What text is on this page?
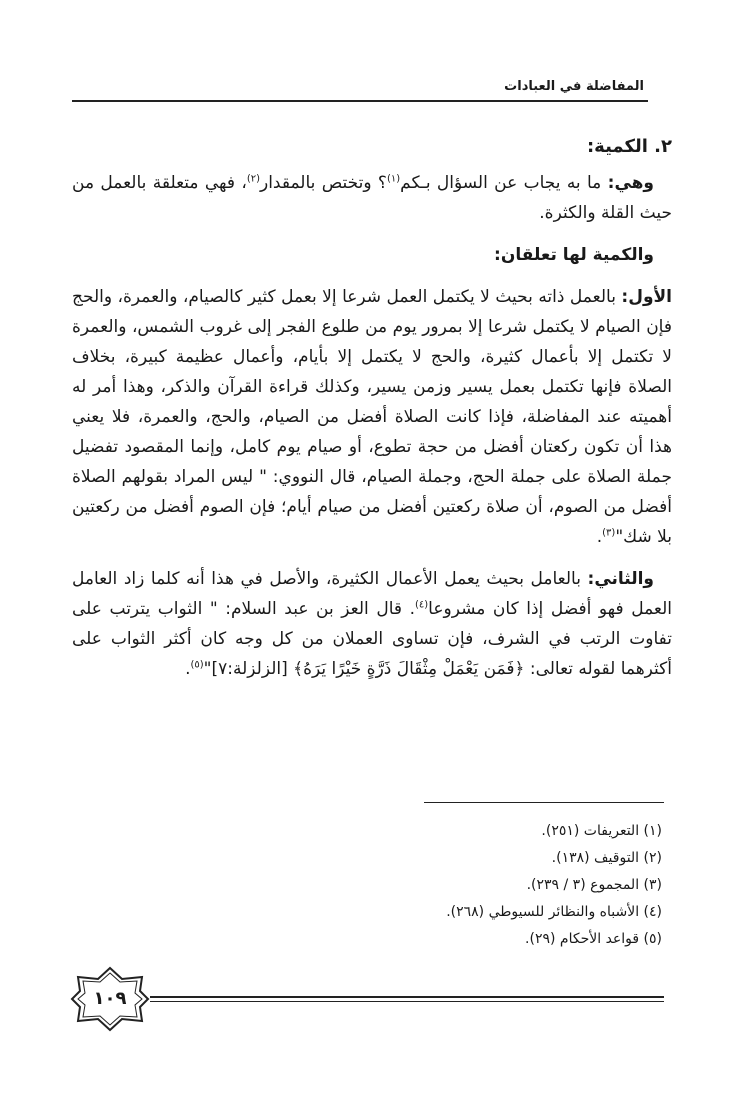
المفاضلة في العبادات

٢. الكمية:

وهي: ما به يجاب عن السؤال بـكم$^{(١)}$؟ وتختص بالمقدار$^{(٢)}$، فهي متعلقة بالعمل من حيث القلة والكثرة.

والكمية لها تعلقان:

الأول: بالعمل ذاته بحيث لا يكتمل العمل شرعا إلا بعمل كثير كالصيام، والعمرة، والحج فإن الصيام لا يكتمل شرعا إلا بمرور يوم من طلوع الفجر إلى غروب الشمس، والعمرة لا تكتمل إلا بأعمال كثيرة، والحج لا يكتمل إلا بأيام، وأعمال عظيمة كبيرة، بخلاف الصلاة فإنها تكتمل بعمل يسير وزمن يسير، وكذلك قراءة القرآن والذكر، وهذا أمر له أهميته عند المفاضلة، فإذا كانت الصلاة أفضل من الصيام، والحج، والعمرة، فلا يعني هذا أن تكون ركعتان أفضل من حجة تطوع، أو صيام يوم كامل، وإنما المقصود تفضيل جملة الصلاة على جملة الحج، وجملة الصيام، قال النووي: " ليس المراد بقولهم الصلاة أفضل من الصوم، أن صلاة ركعتين أفضل من صيام أيام؛ فإن الصوم أفضل من ركعتين بلا شك"$^{(٣)}$.

والثاني: بالعامل بحيث يعمل الأعمال الكثيرة، والأصل في هذا أنه كلما زاد العامل العمل فهو أفضل إذا كان مشروعا$^{(٤)}$. قال العز بن عبد السلام: " الثواب يترتب على تفاوت الرتب في الشرف، فإن تساوى العملان من كل وجه كان أكثر الثواب على أكثرهما لقوله تعالى: ﴿فَمَن يَعْمَلْ مِثْقَالَ ذَرَّةٍ خَيْرًا يَرَهُ﴾ [الزلزلة:٧]"$^{(٥)}$.

(١) التعريفات (٢٥١).
(٢) التوقيف (١٣٨).
(٣) المجموع (٣ / ٢٣٩).
(٤) الأشباه والنظائر للسيوطي (٢٦٨).
(٥) قواعد الأحكام (٢٩).
١٠٩
